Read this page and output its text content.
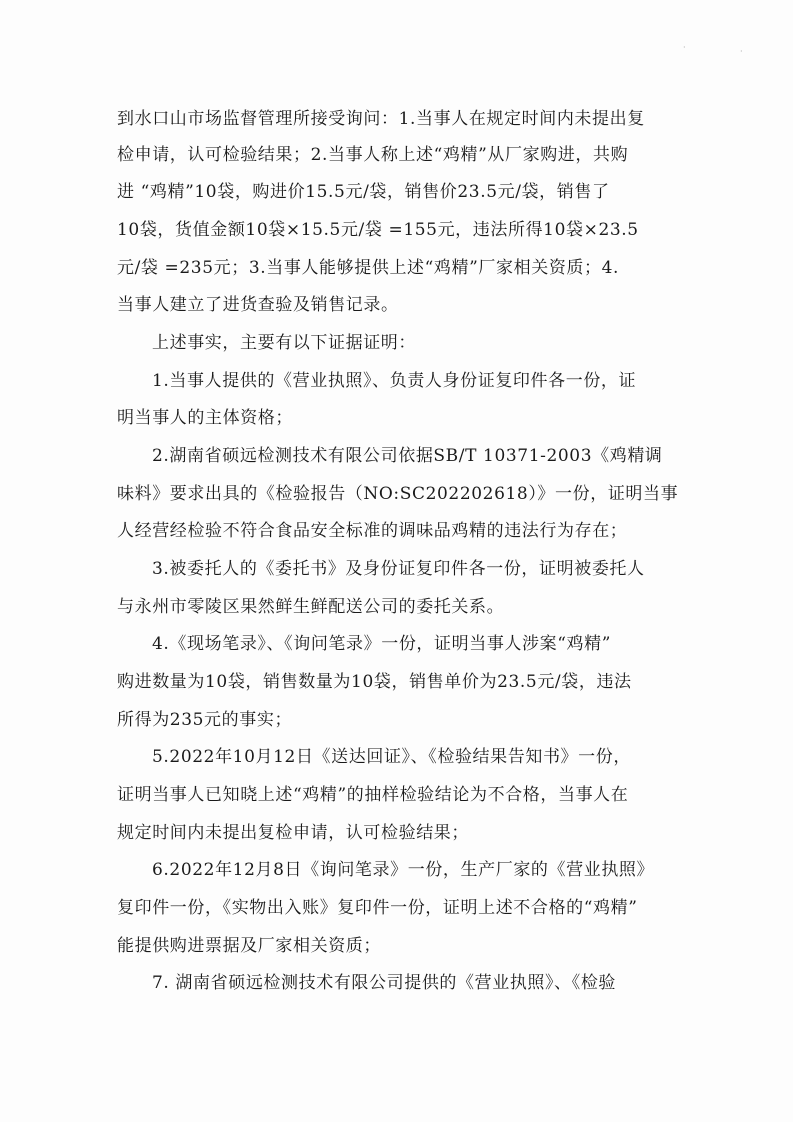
·	·
到水口山市场监督管理所接受询问：1.当事人在规定时间内未提出复
检申请，认可检验结果；2.当事人称上述“鸡精”从厂家购进，共购
进 “鸡精”10袋，购进价15.5元/袋，销售价23.5元/袋，销售了
10袋，货值金额10袋×15.5元/袋 =155元，违法所得10袋×23.5
元/袋 =235元；3.当事人能够提供上述“鸡精”厂家相关资质；4.
当事人建立了进货查验及销售记录。
上述事实，主要有以下证据证明：
1.当事人提供的《营业执照》、负责人身份证复印件各一份，证
明当事人的主体资格；
2.湖南省硕远检测技术有限公司依据SB/T 10371-2003《鸡精调
味料》要求出具的《检验报告（NO:SC202202618）》一份，证明当事
人经营经检验不符合食品安全标准的调味品鸡精的违法行为存在；
3.被委托人的《委托书》及身份证复印件各一份，证明被委托人
与永州市零陵区果然鲜生鲜配送公司的委托关系。
4.《现场笔录》、《询问笔录》一份，证明当事人涉案“鸡精”
购进数量为10袋，销售数量为10袋，销售单价为23.5元/袋，违法
所得为235元的事实；
5.2022年10月12日《送达回证》、《检验结果告知书》一份，
证明当事人已知晓上述“鸡精”的抽样检验结论为不合格，当事人在
规定时间内未提出复检申请，认可检验结果；
6.2022年12月8日《询问笔录》一份，生产厂家的《营业执照》
复印件一份，《实物出入账》复印件一份，证明上述不合格的“鸡精”
能提供购进票据及厂家相关资质；
7. 湖南省硕远检测技术有限公司提供的《营业执照》、《检验
